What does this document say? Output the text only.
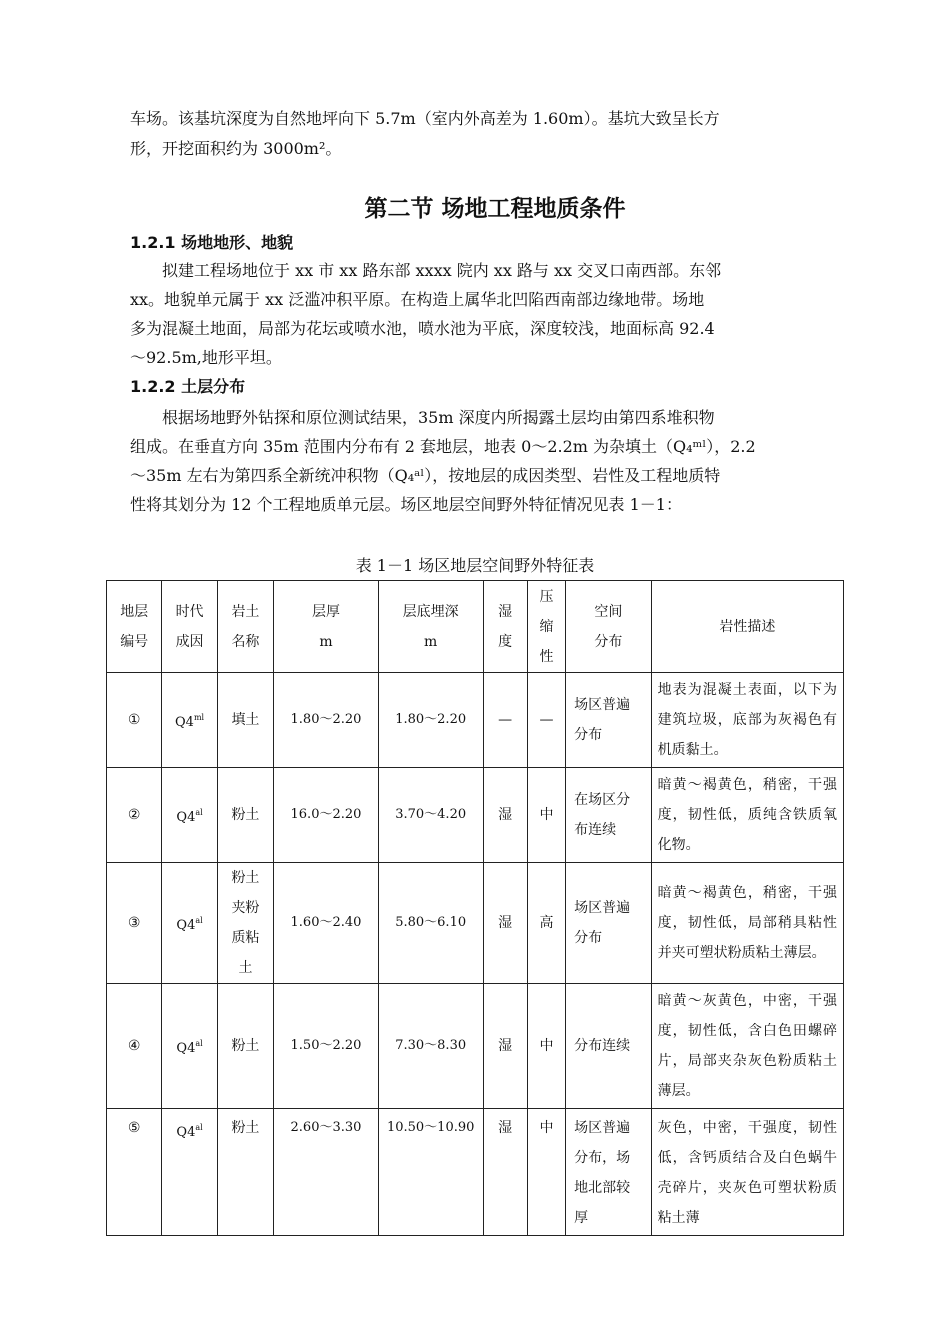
车场。该基坑深度为自然地坪向下 5.7m（室内外高差为 1.60m）。基坑大致呈长方
形，开挖面积约为 3000m²。
第二节 场地工程地质条件
1.2.1 场地地形、地貌
　　拟建工程场地位于 xx 市 xx 路东部 xxxx 院内 xx 路与 xx 交叉口南西部。东邻
xx。地貌单元属于 xx 泛滥冲积平原。在构造上属华北凹陷西南部边缘地带。场地
多为混凝土地面，局部为花坛或喷水池，喷水池为平底，深度较浅，地面标高 92.4
～92.5m,地形平坦。
1.2.2 土层分布
　　根据场地野外钻探和原位测试结果，35m 深度内所揭露土层均由第四系堆积物
组成。在垂直方向 35m 范围内分布有 2 套地层，地表 0～2.2m 为杂填土（Q₄ᵐˡ），2.2
～35m 左右为第四系全新统冲积物（Q₄ᵃˡ），按地层的成因类型、岩性及工程地质特
性将其划分为 12 个工程地质单元层。场区地层空间野外特征情况见表 1－1：
表 1－1 场区地层空间野外特征表
地层编号	时代成因	岩土名称	层厚 m	层底埋深 m	湿度	压缩性	空间分布	岩性描述

①	$Q4^{ml}$	填土	1.80～2.20	1.80～2.20	—	—	场区普遍分布	地表为混凝土表面，以下为建筑垃圾，底部为灰褐色有机质黏土。
②	$Q4^{al}$	粉土	16.0～2.20	3.70～4.20	湿	中	在场区分布连续	暗黄～褐黄色，稍密，干强度，韧性低，质纯含铁质氧化物。
③	$Q4^{al}$	粉土夹粉质粘土	1.60～2.40	5.80～6.10	湿	高	场区普遍分布	暗黄～褐黄色，稍密，干强度，韧性低，局部稍具粘性并夹可塑状粉质粘土薄层。
④	$Q4^{al}$	粉土	1.50～2.20	7.30～8.30	湿	中	分布连续	暗黄～灰黄色，中密，干强度，韧性低，含白色田螺碎片，局部夹杂灰色粉质粘土薄层。
⑤	$Q4^{al}$	粉土	2.60～3.30	10.50～10.90	湿	中	场区普遍分布，场地北部较厚	灰色，中密，干强度，韧性低，含钙质结合及白色蜗牛壳碎片，夹灰色可塑状粉质粘土薄
